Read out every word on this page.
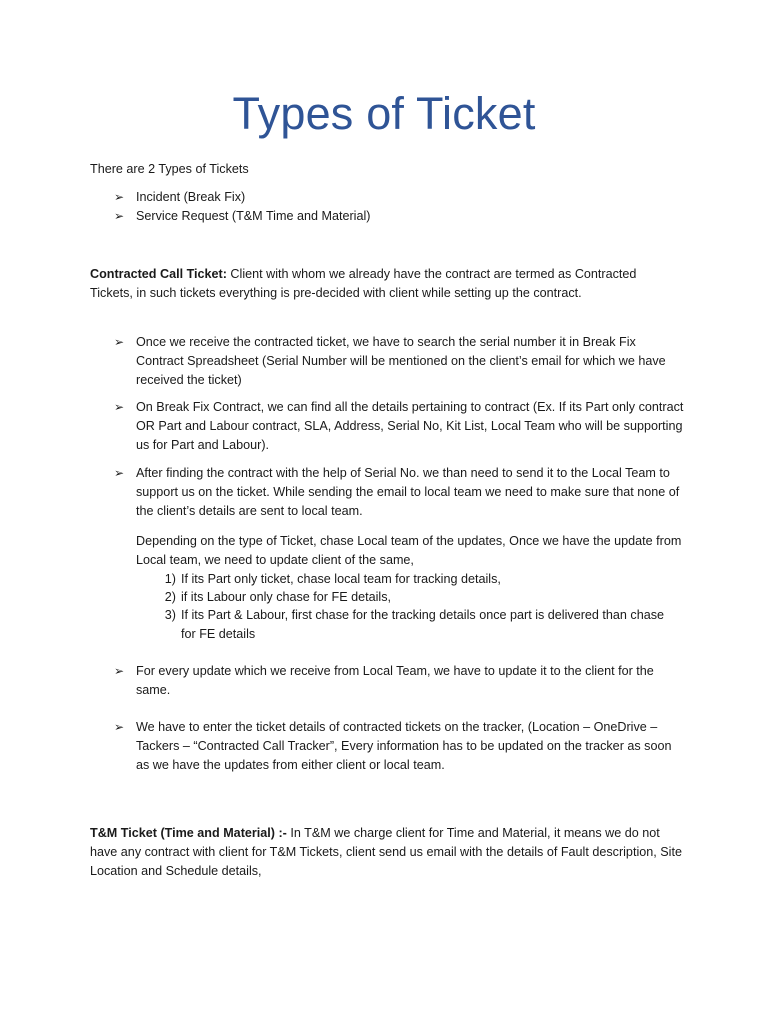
Types of Ticket
There are 2 Types of Tickets
➢ Incident (Break Fix)
➢ Service Request (T&M Time and Material)
Contracted Call Ticket: Client with whom we already have the contract are termed as Contracted Tickets, in such tickets everything is pre-decided with client while setting up the contract.
➢ Once we receive the contracted ticket, we have to search the serial number it in Break Fix Contract Spreadsheet (Serial Number will be mentioned on the client’s email for which we have received the ticket)
➢ On Break Fix Contract, we can find all the details pertaining to contract (Ex. If its Part only contract OR Part and Labour contract, SLA, Address, Serial No, Kit List, Local Team who will be supporting us for Part and Labour).
➢ After finding the contract with the help of Serial No. we than need to send it to the Local Team to support us on the ticket. While sending the email to local team we need to make sure that none of the client’s details are sent to local team.
Depending on the type of Ticket, chase Local team of the updates, Once we have the update from Local team, we need to update client of the same,
1) If its Part only ticket, chase local team for tracking details,
2) if its Labour only chase for FE details,
3) If its Part & Labour, first chase for the tracking details once part is delivered than chase for FE details
➢ For every update which we receive from Local Team, we have to update it to the client for the same.
➢ We have to enter the ticket details of contracted tickets on the tracker, (Location – OneDrive – Tackers – “Contracted Call Tracker”, Every information has to be updated on the tracker as soon as we have the updates from either client or local team.
T&M Ticket (Time and Material) :- In T&M we charge client for Time and Material, it means we do not have any contract with client for T&M Tickets, client send us email with the details of Fault description, Site Location and Schedule details,
